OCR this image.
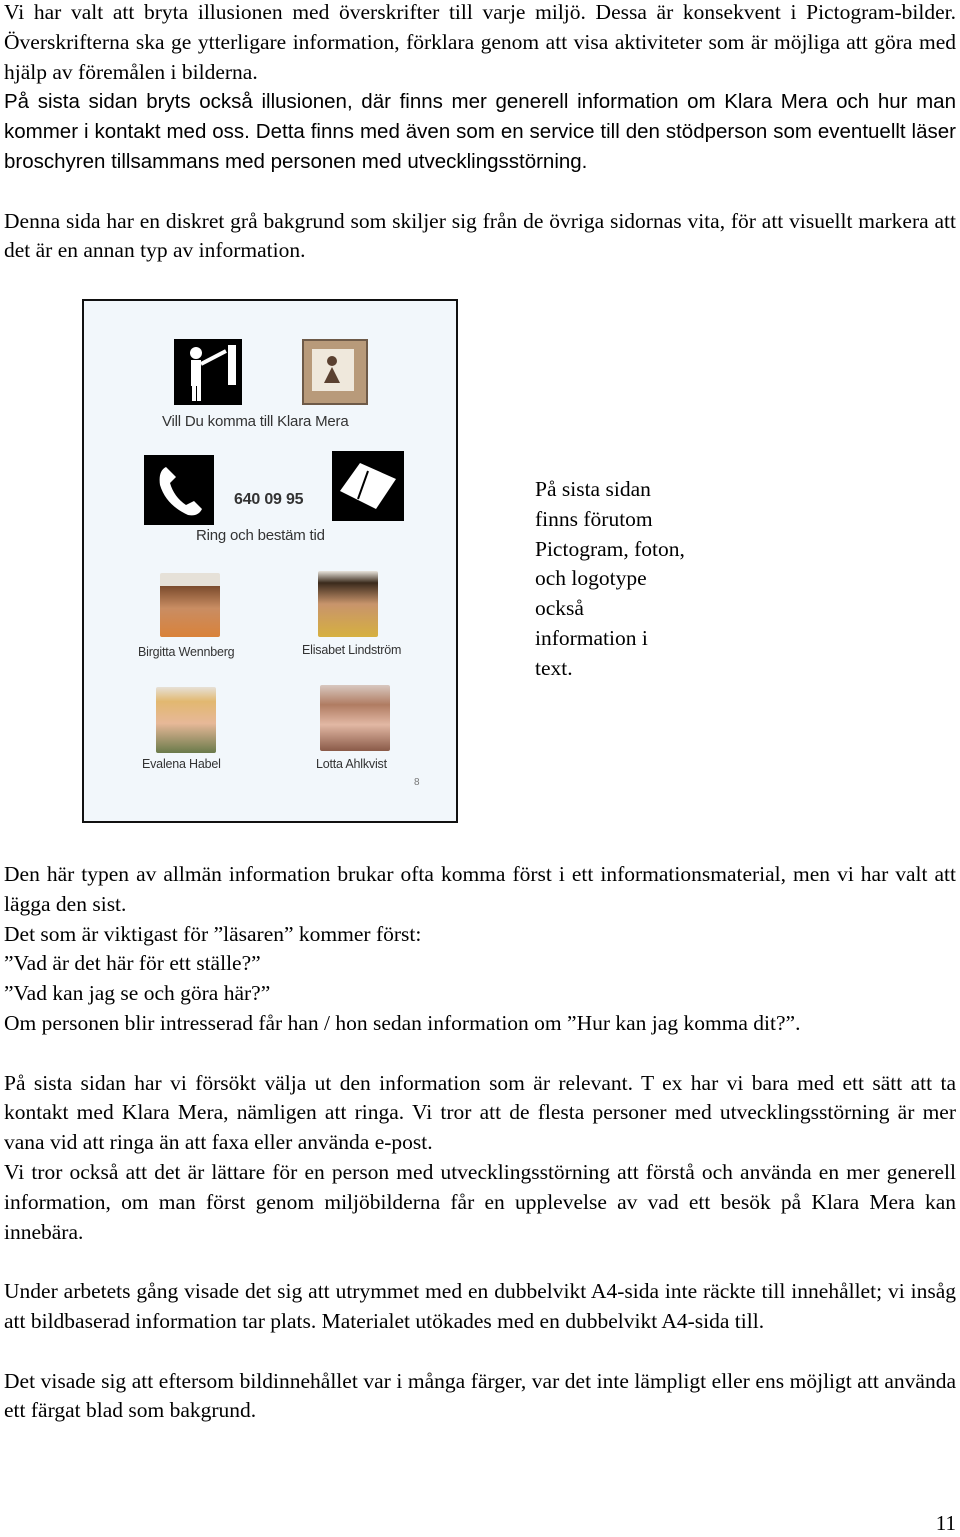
Vi har valt att bryta illusionen med överskrifter till varje miljö. Dessa är konsekvent i Pictogram-bilder. Överskrifterna ska ge ytterligare information, förklara genom att visa aktiviteter som är möjliga att göra med hjälp av föremålen i bilderna.

På sista sidan bryts också illusionen, där finns mer generell information om Klara Mera och hur man kommer i kontakt med oss. Detta finns med även som en service till den stödperson som eventuellt läser broschyren tillsammans med personen med utvecklingsstörning.

Denna sida har en diskret grå bakgrund som skiljer sig från de övriga sidornas vita, för att visuellt markera att det är en annan typ av information.

Vill Du komma till Klara Mera
640 09 95
Ring och bestäm tid
Birgitta Wennberg	Elisabet Lindström
Evalena Habel	Lotta Ahlkvist
8
På sista sidan
finns förutom
Pictogram, foton,
och logotype
också
information i
text.

Den här typen av allmän information brukar ofta komma först i ett informationsmaterial, men vi har valt att lägga den sist.

Det som är viktigast för ”läsaren” kommer först:

”Vad är det här för ett ställe?”

”Vad kan jag se och göra här?”

Om personen blir intresserad får han / hon sedan information om ”Hur kan jag komma dit?”.

På sista sidan har vi försökt välja ut den information som är relevant. T ex har vi bara med ett sätt att ta kontakt med Klara Mera, nämligen att ringa. Vi tror att de flesta personer med utvecklingsstörning är mer vana vid att ringa än att faxa eller använda e-post.

Vi tror också att det är lättare för en person med utvecklingsstörning att förstå och använda en mer generell information, om man först genom miljöbilderna får en upplevelse av vad ett besök på Klara Mera kan innebära.

Under arbetets gång visade det sig att utrymmet med en dubbelvikt A4-sida inte räckte till innehållet; vi insåg att bildbaserad information tar plats. Materialet utökades med en dubbelvikt A4-sida till.

Det visade sig att eftersom bildinnehållet var i många färger, var det inte lämpligt eller ens möjligt att använda ett färgat blad som bakgrund.

11
